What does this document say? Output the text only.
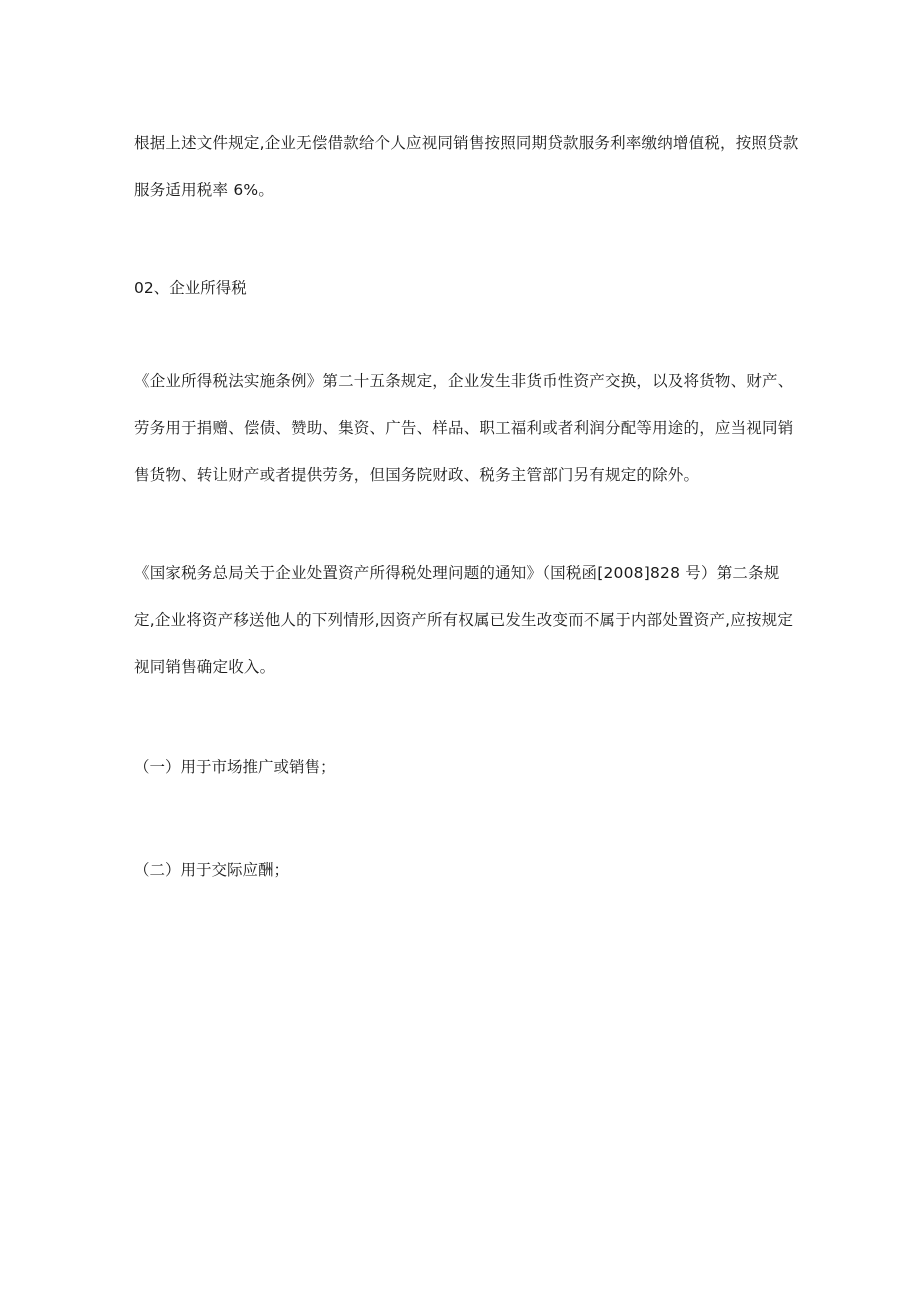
根据上述文件规定,企业无偿借款给个人应视同销售按照同期贷款服务利率缴纳增值税，按照贷款
服务适用税率 6%。

02、企业所得税

《企业所得税法实施条例》第二十五条规定，企业发生非货币性资产交换，以及将货物、财产、
劳务用于捐赠、偿债、赞助、集资、广告、样品、职工福利或者利润分配等用途的，应当视同销
售货物、转让财产或者提供劳务，但国务院财政、税务主管部门另有规定的除外。

《国家税务总局关于企业处置资产所得税处理问题的通知》（国税函[2008]828 号）第二条规
定,企业将资产移送他人的下列情形,因资产所有权属已发生改变而不属于内部处置资产,应按规定
视同销售确定收入。

（一）用于市场推广或销售；

（二）用于交际应酬；
